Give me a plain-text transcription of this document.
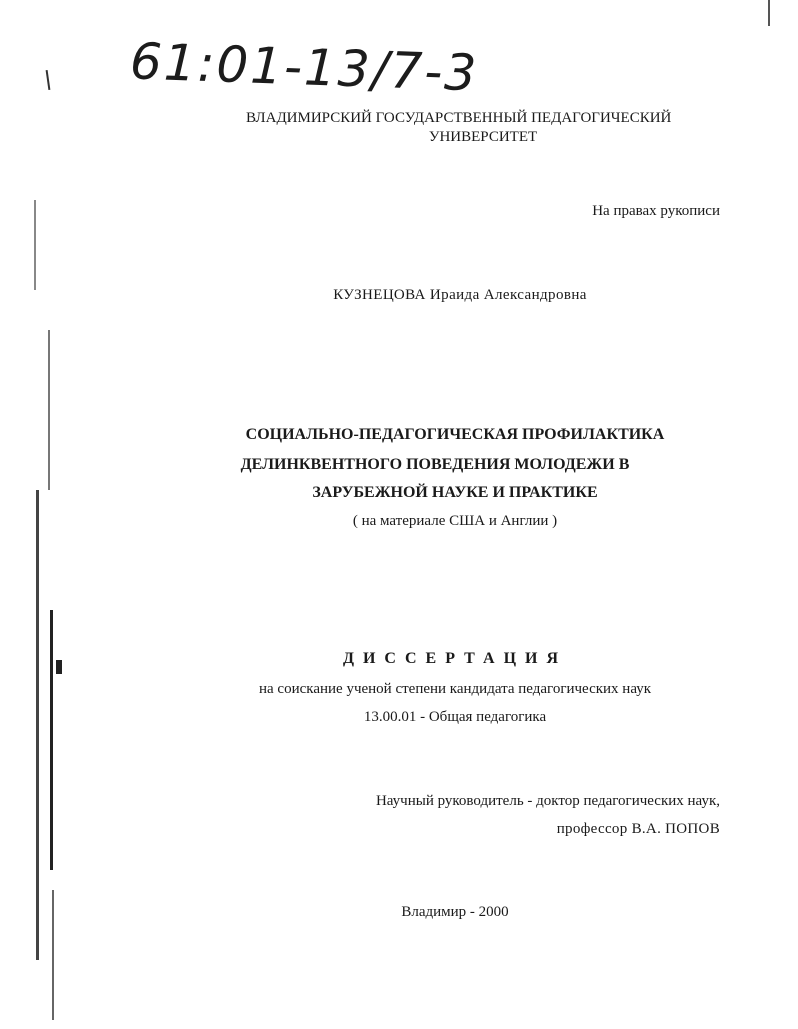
61:01-13/7-3
ВЛАДИМИРСКИЙ ГОСУДАРСТВЕННЫЙ ПЕДАГОГИЧЕСКИЙ
УНИВЕРСИТЕТ
На правах рукописи
КУЗНЕЦОВА Ираида Александровна
СОЦИАЛЬНО-ПЕДАГОГИЧЕСКАЯ ПРОФИЛАКТИКА
ДЕЛИНКВЕНТНОГО ПОВЕДЕНИЯ МОЛОДЕЖИ В
ЗАРУБЕЖНОЙ НАУКЕ И ПРАКТИКЕ
( на материале США и Англии )
ДИССЕРТАЦИЯ
на соискание ученой степени кандидата педагогических наук
13.00.01 - Общая педагогика
Научный руководитель - доктор педагогических наук,
профессор В.А. ПОПОВ
Владимир - 2000
